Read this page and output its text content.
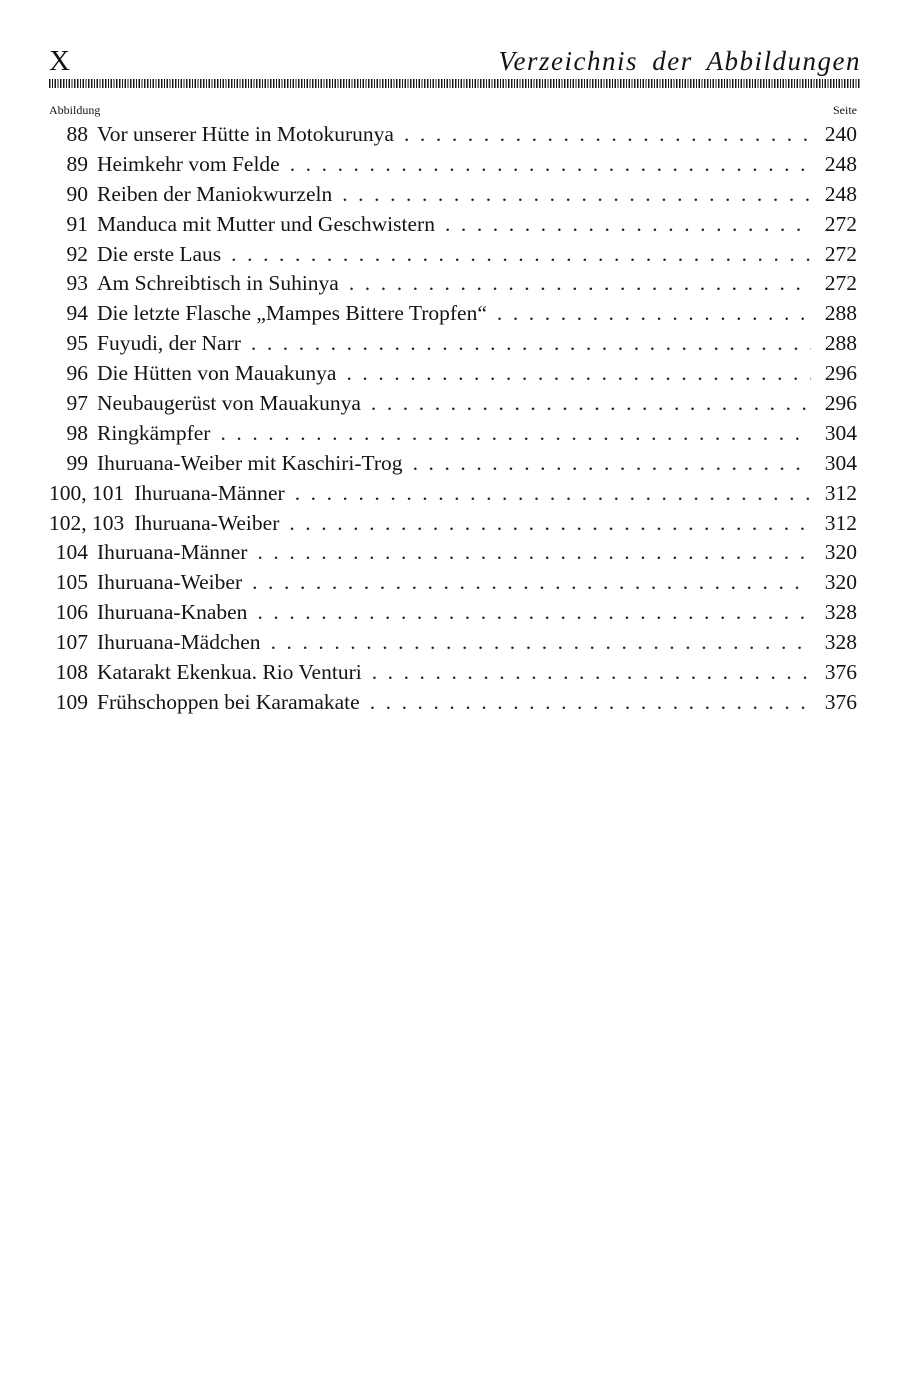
X	Verzeichnis der Abbildungen
Abbildung	Seite
88 Vor unserer Hütte in Motokurunya . . .	240
89 Heimkehr vom Felde . . .	248
90 Reiben der Maniokwurzeln . . .	248
91 Manduca mit Mutter und Geschwistern . . .	272
92 Die erste Laus . . .	272
93 Am Schreibtisch in Suhinya . . .	272
94 Die letzte Flasche „Mampes Bittere Tropfen“ . . .	288
95 Fuyudi, der Narr . . .	288
96 Die Hütten von Mauakunya . . .	296
97 Neubaugerüst von Mauakunya . . .	296
98 Ringkämpfer . . .	304
99 Ihuruana-Weiber mit Kaschiri-Trog . . .	304
100, 101 Ihuruana-Männer . . .	312
102, 103 Ihuruana-Weiber . . .	312
104 Ihuruana-Männer . . .	320
105 Ihuruana-Weiber . . .	320
106 Ihuruana-Knaben . . .	328
107 Ihuruana-Mädchen . . .	328
108 Katarakt Ekenkua. Rio Venturi . . .	376
109 Frühschoppen bei Karamakate . . .	376
